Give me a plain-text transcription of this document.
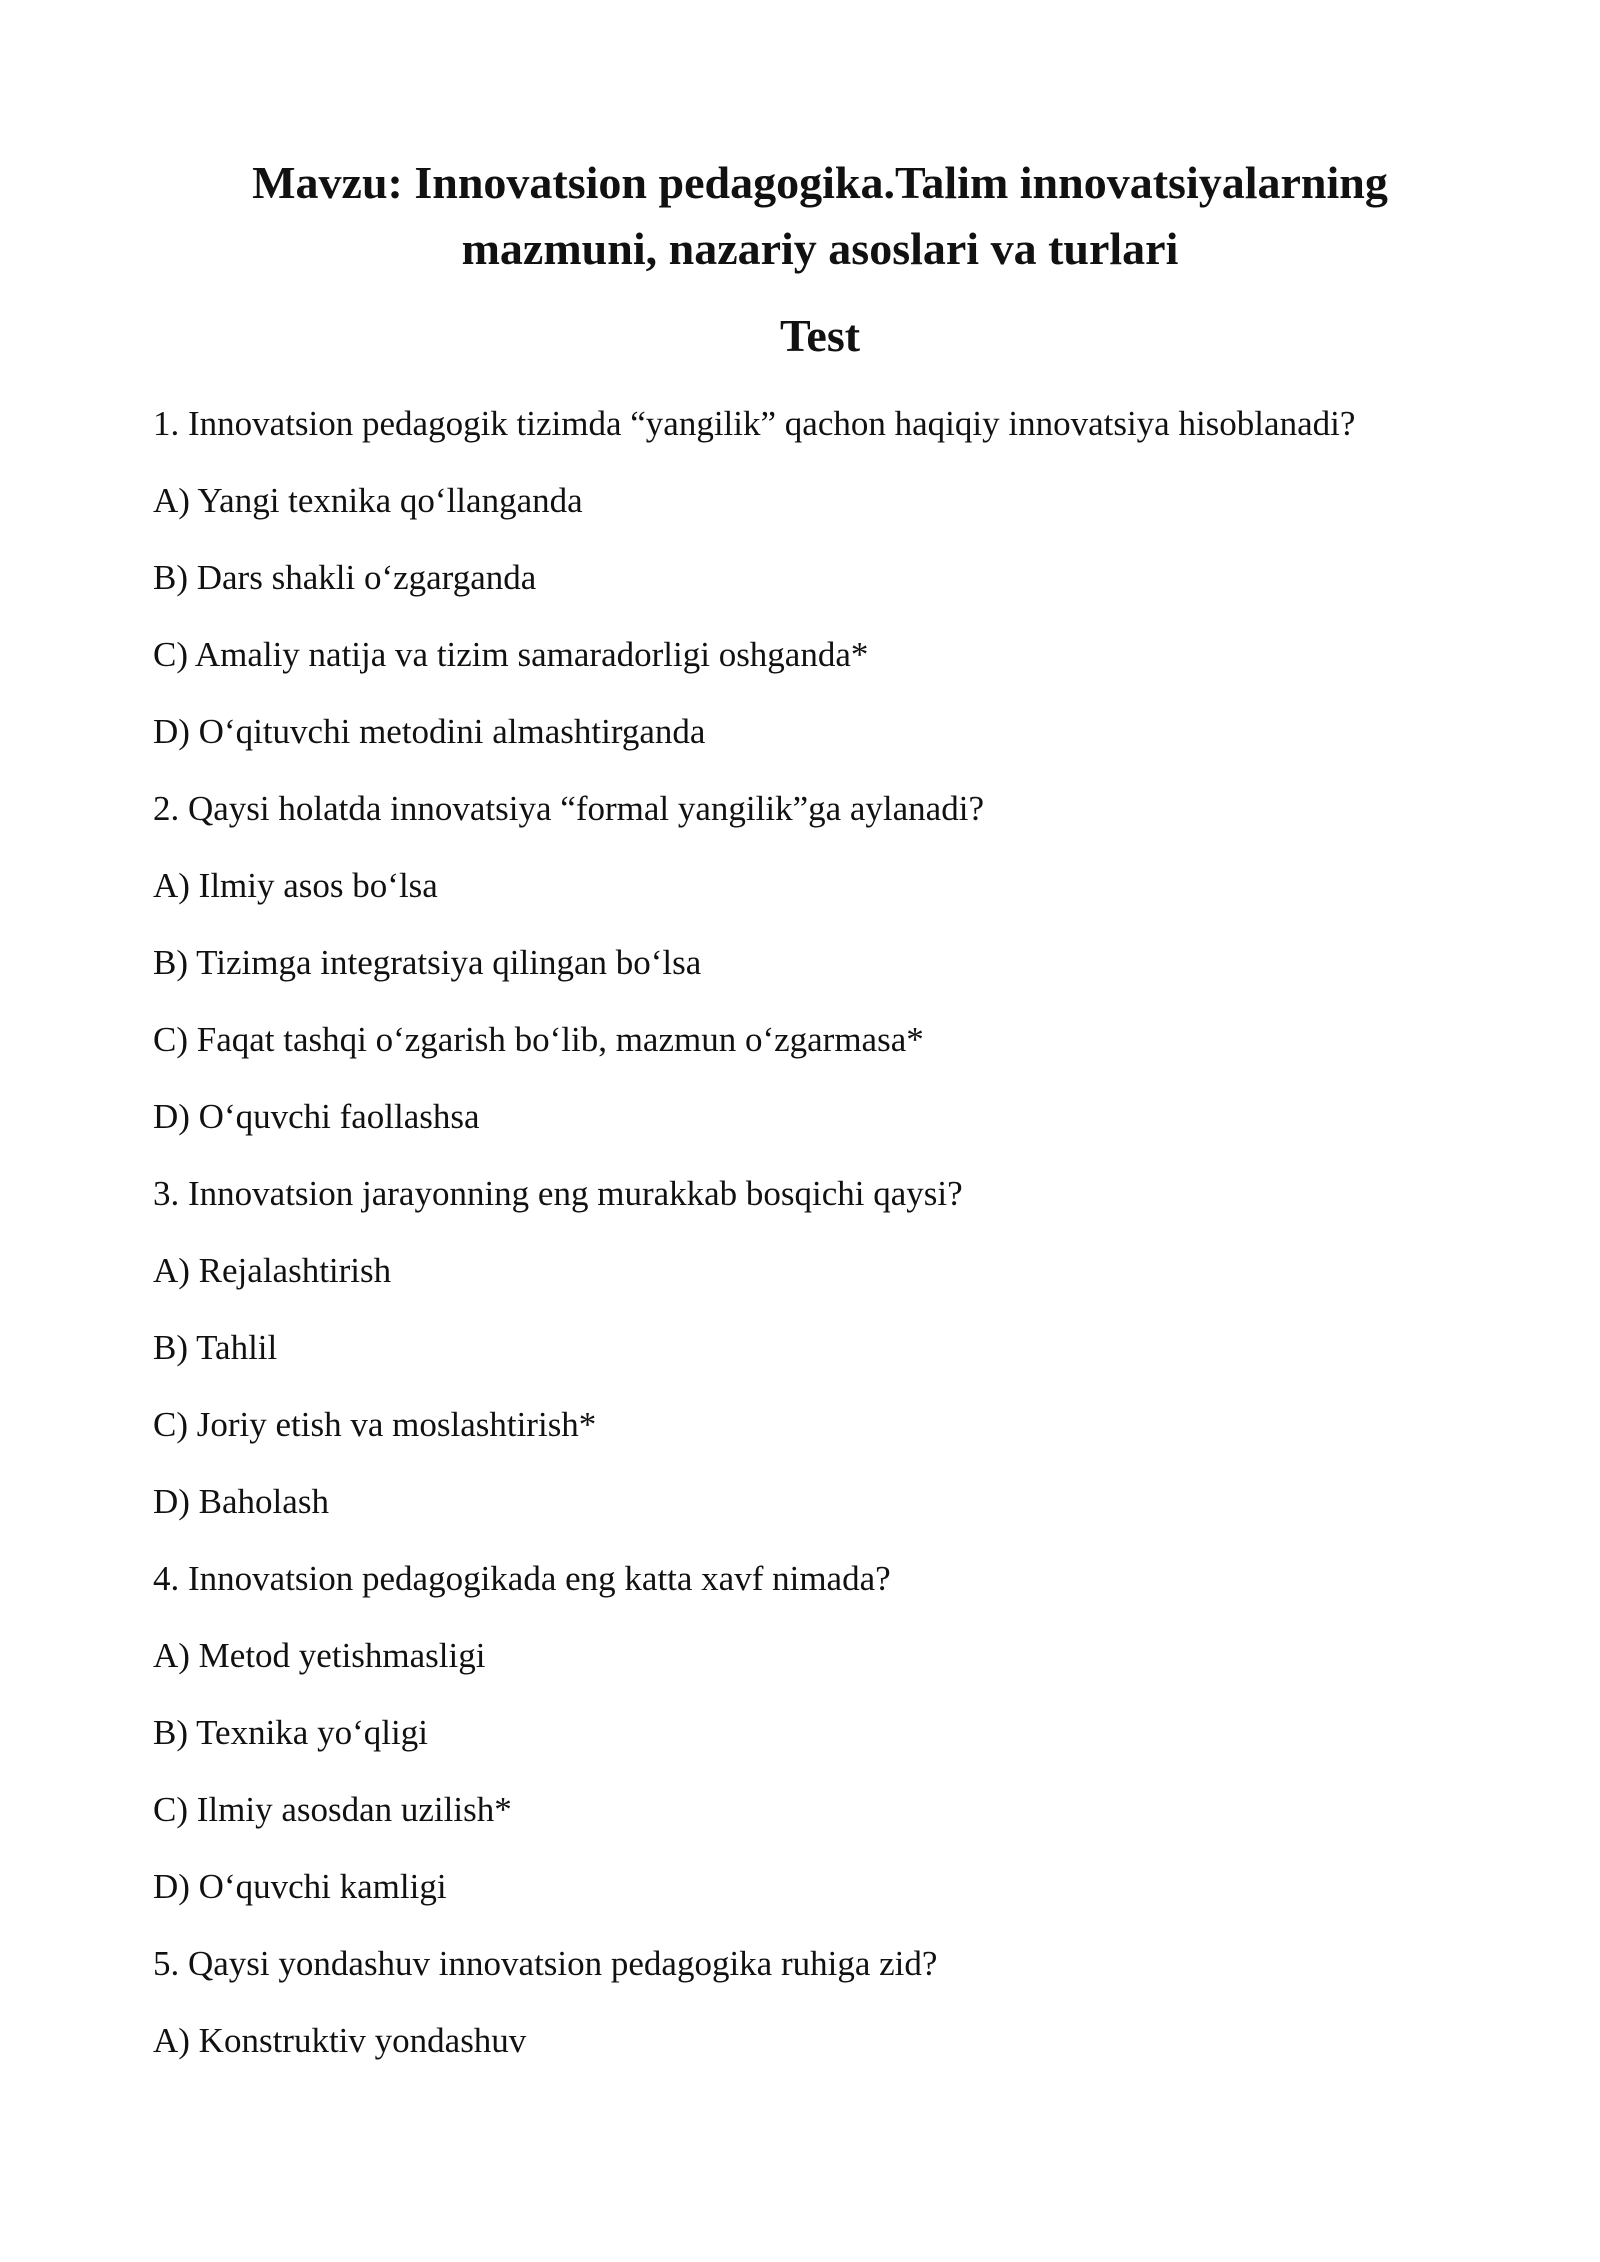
Mavzu: Innovatsion pedagogika.Talim innovatsiyalarning
mazmuni, nazariy asoslari va turlari
Test
1. Innovatsion pedagogik tizimda “yangilik” qachon haqiqiy innovatsiya hisoblanadi?
A) Yangi texnika qo‘llanganda
B) Dars shakli o‘zgarganda
C) Amaliy natija va tizim samaradorligi oshganda*
D) O‘qituvchi metodini almashtirganda
2. Qaysi holatda innovatsiya “formal yangilik”ga aylanadi?
A) Ilmiy asos bo‘lsa
B) Tizimga integratsiya qilingan bo‘lsa
C) Faqat tashqi o‘zgarish bo‘lib, mazmun o‘zgarmasa*
D) O‘quvchi faollashsa
3. Innovatsion jarayonning eng murakkab bosqichi qaysi?
A) Rejalashtirish
B) Tahlil
C) Joriy etish va moslashtirish*
D) Baholash
4. Innovatsion pedagogikada eng katta xavf nimada?
A) Metod yetishmasligi
B) Texnika yo‘qligi
C) Ilmiy asosdan uzilish*
D) O‘quvchi kamligi
5. Qaysi yondashuv innovatsion pedagogika ruhiga zid?
A) Konstruktiv yondashuv
